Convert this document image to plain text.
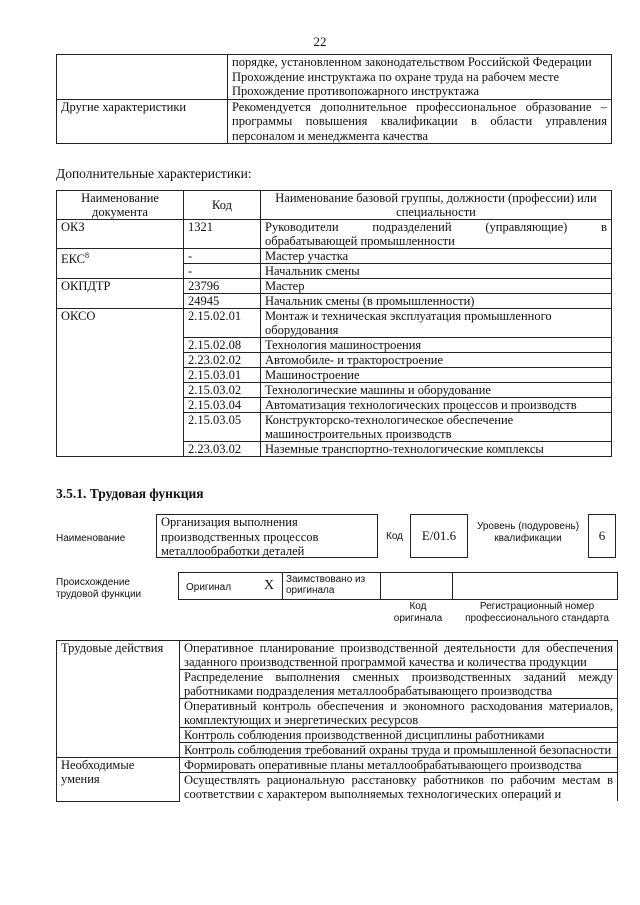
22

	порядке, установленном законодательством Российской Федерации
Прохождение инструктажа по охране труда на рабочем месте
Прохождение противопожарного инструктажа

Другие характеристики	Рекомендуется дополнительное профессиональное образование – программы повышения квалификации в области управления персоналом и менеджмента качества
Дополнительные характеристики:
Наименование документа	Код	Наименование базовой группы, должности (профессии) или специальности
ОКЗ	1321	Руководители подразделений (управляющие) в обрабатывающей промышленности
ЕКС$^8$	-	Мастер участка
	-	Начальник смены
ОКПДТР	23796	Мастер
	24945	Начальник смены (в промышленности)
ОКСО	2.15.02.01	Монтаж и техническая эксплуатация промышленного оборудования
	2.15.02.08	Технология машиностроения
	2.23.02.02	Автомобиле- и тракторостроение
	2.15.03.01	Машиностроение
	2.15.03.02	Технологические машины и оборудование
	2.15.03.04	Автоматизация технологических процессов и производств
	2.15.03.05	Конструкторско-технологическое обеспечение машиностроительных производств
	2.23.03.02	Наземные транспортно-технологические комплексы
3.5.1. Трудовая функция
Наименование
Организация выполнения производственных процессов металлообработки деталей
Код	E/01.6
Уровень (подуровень) квалификации	6
Происхождение трудовой функции
Оригинал X Заимствовано из оригинала
Код оригинала
Регистрационный номер профессионального стандарта
Трудовые действия	Оперативное планирование производственной деятельности для обеспечения заданного производственной программой качества и количества продукции
	Распределение выполнения сменных производственных заданий между работниками подразделения металлообрабатывающего производства
	Оперативный контроль обеспечения и экономного расходования материалов, комплектующих и энергетических ресурсов
	Контроль соблюдения производственной дисциплины работниками
	Контроль соблюдения требований охраны труда и промышленной безопасности
Необходимые умения	Формировать оперативные планы металлообрабатывающего производства
	Осуществлять рациональную расстановку работников по рабочим местам в соответствии с характером выполняемых технологических операций и
